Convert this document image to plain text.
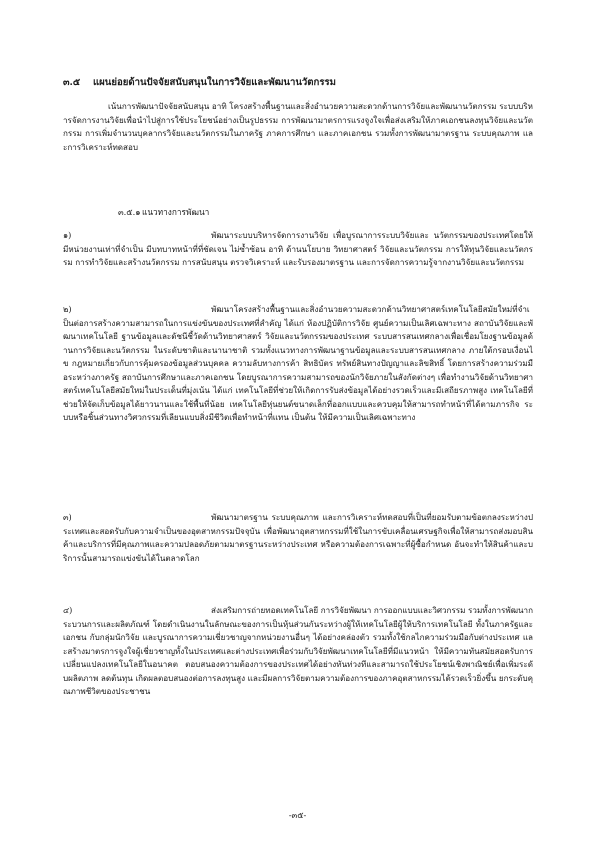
๓.๕ แผนย่อยด้านปัจจัยสนับสนุนในการวิจัยและพัฒนานวัตกรรม
เน้นการพัฒนาปัจจัยสนับสนุน อาทิ โครงสร้างพื้นฐานและสิ่งอำนวยความสะดวกด้านการวิจัยและพัฒนานวัตกรรม ระบบบริหารจัดการงานวิจัยเพื่อนำไปสู่การใช้ประโยชน์อย่างเป็นรูปธรรม การพัฒนามาตรการแรงจูงใจเพื่อส่งเสริมให้ภาคเอกชนลงทุนวิจัยและนวัตกรรม การเพิ่มจำนวนบุคลากรวิจัยและนวัตกรรมในภาครัฐ ภาคการศึกษา และภาคเอกชน รวมทั้งการพัฒนามาตรฐาน ระบบคุณภาพ และการวิเคราะห์ทดสอบ
๓.๕.๑ แนวทางการพัฒนา
๑)	พัฒนาระบบบริหารจัดการงานวิจัย เพื่อบูรณาการระบบวิจัยและ นวัตกรรมของประเทศโดยให้มีหน่วยงานเท่าที่จำเป็น มีบทบาทหน้าที่ที่ชัดเจน ไม่ซ้ำซ้อน อาทิ ด้านนโยบาย วิทยาศาสตร์ วิจัยและนวัตกรรม การให้ทุนวิจัยและนวัตกรรม การทำวิจัยและสร้างนวัตกรรม การสนับสนุน ตรวจวิเคราะห์ และรับรองมาตรฐาน และการจัดการความรู้จากงานวิจัยและนวัตกรรม
๒)	พัฒนาโครงสร้างพื้นฐานและสิ่งอำนวยความสะดวกด้านวิทยาศาสตร์เทคโนโลยีสมัยใหม่ที่จำเป็นต่อการสร้างความสามารถในการแข่งขันของประเทศที่สำคัญ ได้แก่ ห้องปฏิบัติการวิจัย ศูนย์ความเป็นเลิศเฉพาะทาง สถาบันวิจัยและพัฒนาเทคโนโลยี ฐานข้อมูลและดัชนีชี้วัดด้านวิทยาศาสตร์ วิจัยและนวัตกรรมของประเทศ ระบบสารสนเทศกลางเพื่อเชื่อมโยงฐานข้อมูลด้านการวิจัยและนวัตกรรม ในระดับชาติและนานาชาติ รวมทั้งแนวทางการพัฒนาฐานข้อมูลและระบบสารสนเทศกลาง ภายใต้กรอบเงื่อนไข กฎหมายเกี่ยวกับการคุ้มครองข้อมูลส่วนบุคคล ความลับทางการค้า สิทธิบัตร ทรัพย์สินทางปัญญาและลิขสิทธิ์ โดยการสร้างความร่วมมือระหว่างภาครัฐ สถาบันการศึกษาและภาคเอกชน โดยบูรณาการความสามารถของนักวิจัยภายในสังกัดต่างๆ เพื่อทำงานวิจัยด้านวิทยาศาสตร์เทคโนโลยีสมัยใหม่ในประเด็นที่มุ่งเน้น ได้แก่ เทคโนโลยีที่ช่วยให้เกิดการรับส่งข้อมูลได้อย่างรวดเร็วและมีเสถียรภาพสูง เทคโนโลยีที่ช่วยให้จัดเก็บข้อมูลได้ยาวนานและใช้พื้นที่น้อย เทคโนโลยีหุ่นยนต์ขนาดเล็กที่ออกแบบและควบคุมให้สามารถทำหน้าที่ได้ตามภารกิจ ระบบหรือชิ้นส่วนทางวิศวกรรมที่เลียนแบบสิ่งมีชีวิตเพื่อทำหน้าที่แทน เป็นต้น ให้มีความเป็นเลิศเฉพาะทาง
๓)	พัฒนามาตรฐาน ระบบคุณภาพ และการวิเคราะห์ทดสอบที่เป็นที่ยอมรับตามข้อตกลงระหว่างประเทศและสอดรับกับความจำเป็นของอุตสาหกรรมปัจจุบัน เพื่อพัฒนาอุตสาหกรรมที่ใช้ในการขับเคลื่อนเศรษฐกิจเพื่อให้สามารถส่งมอบสินค้าและบริการที่มีคุณภาพและความปลอดภัยตามมาตรฐานระหว่างประเทศ หรือความต้องการเฉพาะที่ผู้ซื้อกำหนด อันจะทำให้สินค้าและบริการนั้นสามารถแข่งขันได้ในตลาดโลก
๔)	ส่งเสริมการถ่ายทอดเทคโนโลยี การวิจัยพัฒนา การออกแบบและวิศวกรรม รวมทั้งการพัฒนากระบวนการและผลิตภัณฑ์ โดยดำเนินงานในลักษณะของการเป็นหุ้นส่วนกันระหว่างผู้ให้เทคโนโลยีผู้ให้บริการเทคโนโลยี ทั้งในภาครัฐและเอกชน กับกลุ่มนักวิจัย และบูรณาการความเชี่ยวชาญจากหน่วยงานอื่นๆ ได้อย่างคล่องตัว รวมทั้งใช้กลไกความร่วมมือกับต่างประเทศ และสร้างมาตรการจูงใจผู้เชี่ยวชาญทั้งในประเทศและต่างประเทศเพื่อร่วมกับวิจัยพัฒนาเทคโนโลยีที่มีแนวหน้า ให้มีความทันสมัยสอดรับการเปลี่ยนแปลงเทคโนโลยีในอนาคต ตอบสนองความต้องการของประเทศได้อย่างทันท่วงทีและสามารถใช้ประโยชน์เชิงพาณิชย์เพื่อเพิ่มระดับผลิตภาพ ลดต้นทุน เกิดผลตอบสนองต่อการลงทุนสูง และมีผลการวิจัยตามความต้องการของภาคอุตสาหกรรมได้รวดเร็วยิ่งขึ้น ยกระดับคุณภาพชีวิตของประชาชน
-๓๕-
